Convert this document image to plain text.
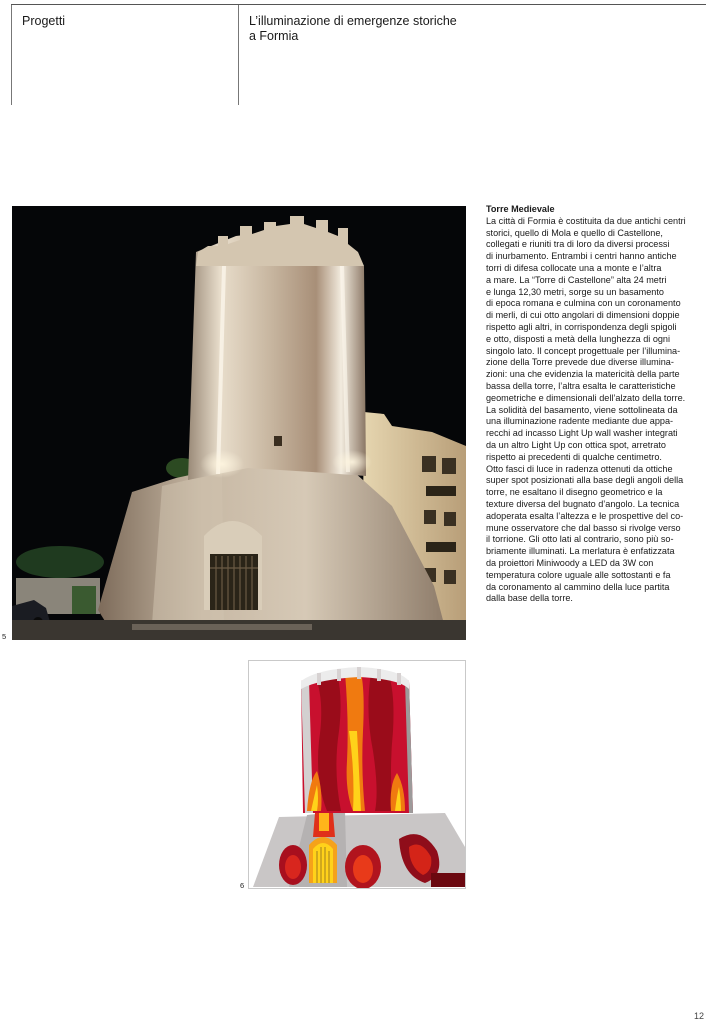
Progetti	L’illuminazione di emergenze storiche
a Formia
5
6
Torre Medievale
La città di Formia è costituita da due antichi centri
storici, quello di Mola e quello di Castellone,
collegati e riuniti tra di loro da diversi processi
di inurbamento. Entrambi i centri hanno antiche
torri di difesa collocate una a monte e l’altra
a mare. La “Torre di Castellone” alta 24 metri
e lunga 12,30 metri, sorge su un basamento
di epoca romana e culmina con un coronamento
di merli, di cui otto angolari di dimensioni doppie
rispetto agli altri, in corrispondenza degli spigoli
e otto, disposti a metà della lunghezza di ogni
singolo lato. Il concept progettuale per l’illumina-
zione della Torre prevede due diverse illumina-
zioni: una che evidenzia la matericità della parte
bassa della torre, l’altra esalta le caratteristiche
geometriche e dimensionali dell’alzato della torre.
La solidità del basamento, viene sottolineata da
una illuminazione radente mediante due appa-
recchi ad incasso Light Up wall washer integrati
da un altro Light Up con ottica spot, arretrato
rispetto ai precedenti di qualche centimetro.
Otto fasci di luce in radenza ottenuti da ottiche
super spot posizionati alla base degli angoli della
torre, ne esaltano il disegno geometrico e la
texture diversa del bugnato d’angolo. La tecnica
adoperata esalta l’altezza e le prospettive del co-
mune osservatore che dal basso si rivolge verso
il torrione. Gli otto lati al contrario, sono più so-
briamente illuminati. La merlatura è enfatizzata
da proiettori Miniwoody a LED da 3W con
temperatura colore uguale alle sottostanti e fa
da coronamento al cammino della luce partita
dalla base della torre.
12
